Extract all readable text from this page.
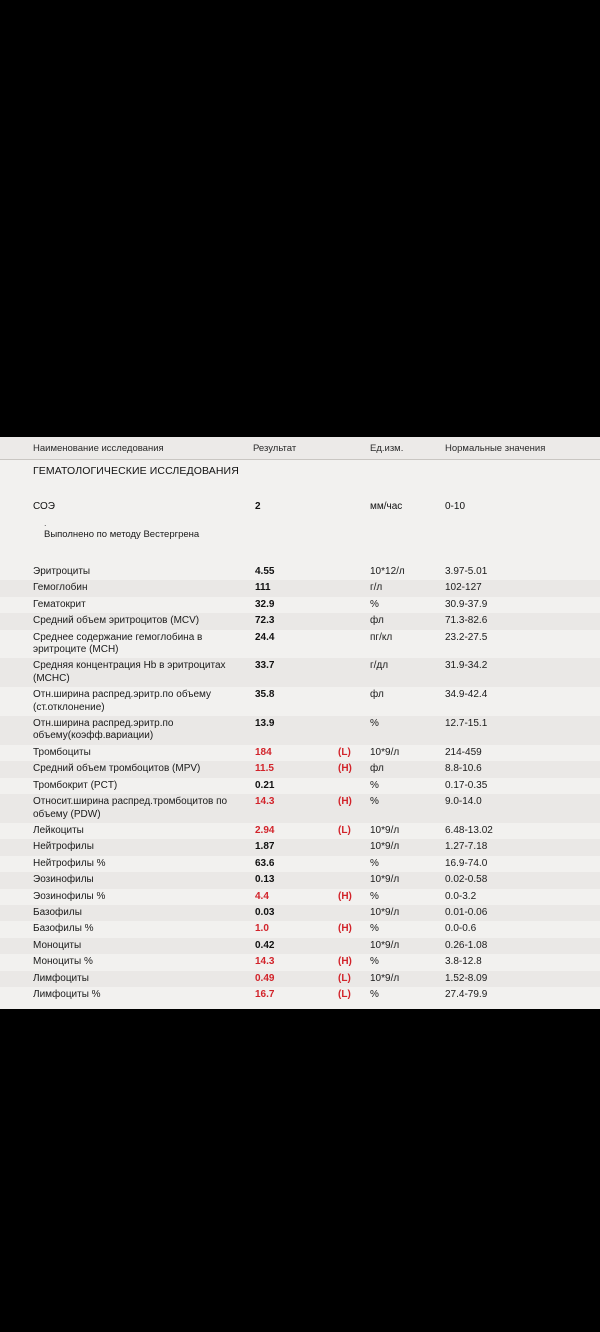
Наименование исследования	Результат		Ед.изм.	Нормальные значения
ГЕМАТОЛОГИЧЕСКИЕ ИССЛЕДОВАНИЯ				

СОЭ	2		мм/час	0-10

.
Выполнено по методу Вестергрена				

Эритроциты	4.55		10*12/л	3.97-5.01
Гемоглобин	111		г/л	102-127
Гематокрит	32.9		%	30.9-37.9
Средний объем эритроцитов (MCV)	72.3		фл	71.3-82.6
Среднее содержание гемоглобина в эритроците (MCH)	24.4		пг/кл	23.2-27.5
Средняя концентрация Hb в эритроцитах (MCHC)	33.7		г/дл	31.9-34.2
Отн.ширина распред.эритр.по объему (ст.отклонение)	35.8		фл	34.9-42.4
Отн.ширина распред.эритр.по объему(коэфф.вариации)	13.9		%	12.7-15.1
Тромбоциты	184	(L)	10*9/л	214-459
Средний объем тромбоцитов (MPV)	11.5	(H)	фл	8.8-10.6
Тромбокрит (PCT)	0.21		%	0.17-0.35
Относит.ширина распред.тромбоцитов по объему (PDW)	14.3	(H)	%	9.0-14.0
Лейкоциты	2.94	(L)	10*9/л	6.48-13.02
Нейтрофилы	1.87		10*9/л	1.27-7.18
Нейтрофилы %	63.6		%	16.9-74.0
Эозинофилы	0.13		10*9/л	0.02-0.58
Эозинофилы %	4.4	(H)	%	0.0-3.2
Базофилы	0.03		10*9/л	0.01-0.06
Базофилы %	1.0	(H)	%	0.0-0.6
Моноциты	0.42		10*9/л	0.26-1.08
Моноциты %	14.3	(H)	%	3.8-12.8
Лимфоциты	0.49	(L)	10*9/л	1.52-8.09
Лимфоциты %	16.7	(L)	%	27.4-79.9
